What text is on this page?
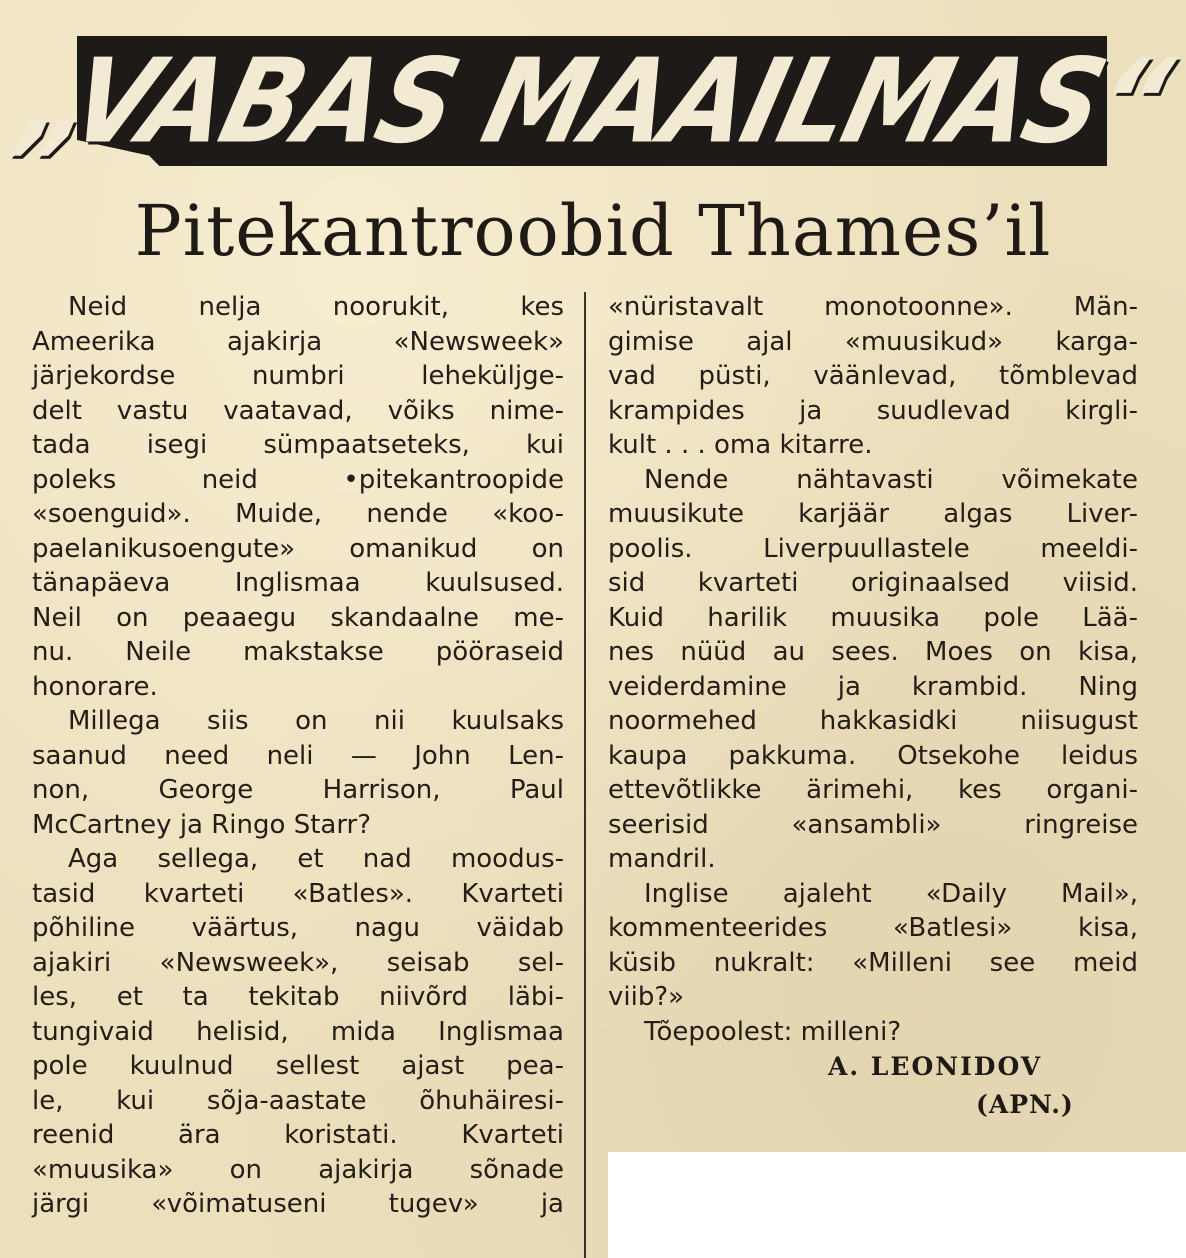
„VABAS MAAILMAS“
Pitekantroobid Thames’il
Neid nelja noorukit, kes
Ameerika ajakirja «Newsweek»
järjekordse numbri leheküljge-
delt vastu vaatavad, võiks nime-
tada isegi sümpaatseteks, kui
poleks neid •pitekantroopide
«soenguid». Muide, nende «koo-
paelanikusoengute» omanikud on
tänapäeva Inglismaa kuulsused.
Neil on peaaegu skandaalne me-
nu. Neile makstakse pööraseid
honorare.
Millega siis on nii kuulsaks
saanud need neli — John Len-
non, George Harrison, Paul
McCartney ja Ringo Starr?
Aga sellega, et nad moodus-
tasid kvarteti «Batles». Kvarteti
põhiline väärtus, nagu väidab
ajakiri «Newsweek», seisab sel-
les, et ta tekitab niivõrd läbi-
tungivaid helisid, mida Inglismaa
pole kuulnud sellest ajast pea-
le, kui sõja-aastate õhuhäiresi-
reenid ära koristati. Kvarteti
«muusika» on ajakirja sõnade
järgi «võimatuseni tugev» ja
«nüristavalt monotoonne». Män-
gimise ajal «muusikud» karga-
vad püsti, väänlevad, tõmblevad
krampides ja suudlevad kirgli-
kult . . . oma kitarre.
Nende nähtavasti võimekate
muusikute karjäär algas Liver-
poolis. Liverpuullastele meeldi-
sid kvarteti originaalsed viisid.
Kuid harilik muusika pole Lää-
nes nüüd au sees. Moes on kisa,
veiderdamine ja krambid. Ning
noormehed hakkasidki niisugust
kaupa pakkuma. Otsekohe leidus
ettevõtlikke ärimehi, kes organi-
seerisid «ansambli» ringreise
mandril.
Inglise ajaleht «Daily Mail»,
kommenteerides «Batlesi» kisa,
küsib nukralt: «Milleni see meid
viib?»
Tõepoolest: milleni?
A. LEONIDOV
(APN.)
